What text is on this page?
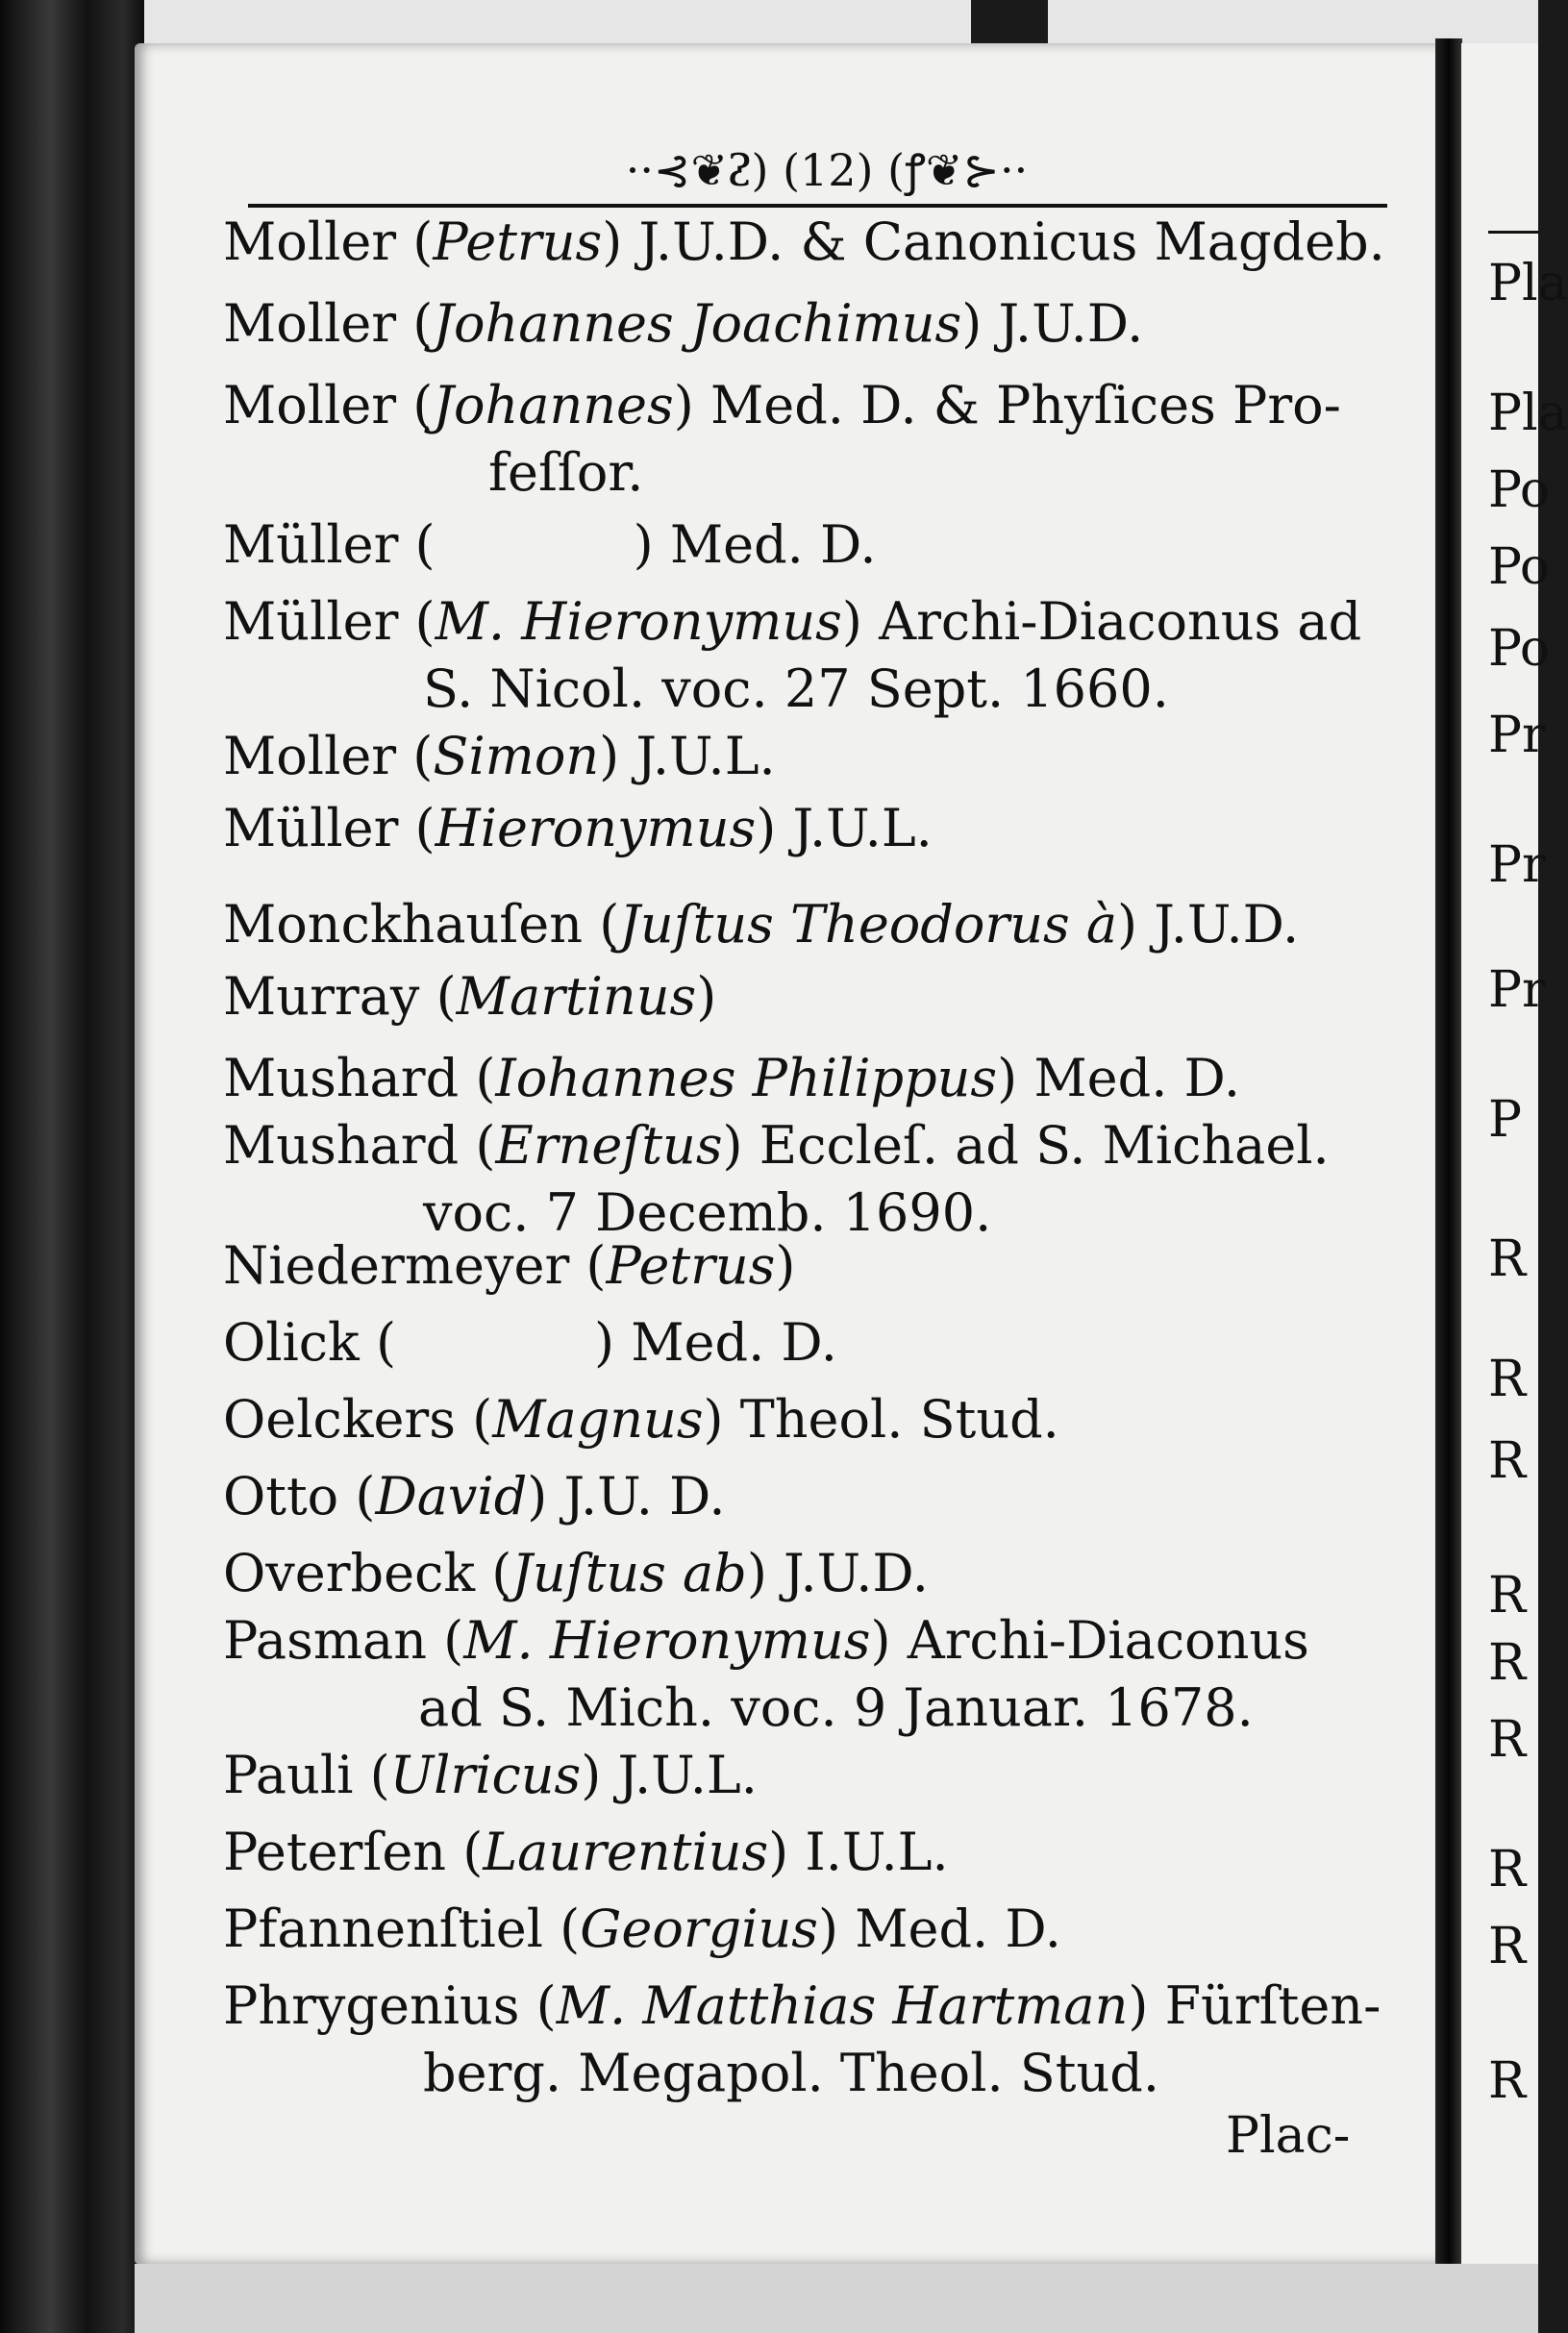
··⊰❦ᴤ) (12) (ꝭ❦⊱··
Moller (Petrus) J.U.D. & Canonicus Magdeb.
Moller (Johannes Joachimus) J.U.D.
Moller (Johannes) Med. D. & Phyſices Pro-
feſſor.
Müller (	) Med. D.
Müller (M. Hieronymus) Archi-Diaconus ad
S. Nicol. voc. 27 Sept. 1660.
Moller (Simon) J.U.L.
Müller (Hieronymus) J.U.L.
Monckhauſen (Juſtus Theodorus à) J.U.D.
Murray (Martinus)
Mushard (Iohannes Philippus) Med. D.
Mushard (Erneſtus) Eccleſ. ad S. Michael.
voc. 7 Decemb. 1690.
Niedermeyer (Petrus)
Olick (	) Med. D.
Oelckers (Magnus) Theol. Stud.
Otto (David) J.U. D.
Overbeck (Juſtus ab) J.U.D.
Pasman (M. Hieronymus) Archi-Diaconus
ad S. Mich. voc. 9 Januar. 1678.
Pauli (Ulricus) J.U.L.
Peterſen (Laurentius) I.U.L.
Pfannenſtiel (Georgius) Med. D.
Phrygenius (M. Matthias Hartman) Fürſten-
berg. Megapol. Theol. Stud.
Plac-
Pla
Pla
Po
Po
Po
Pr
Pr
Pr
P
R
R
R
R
R
R
R
R
R
